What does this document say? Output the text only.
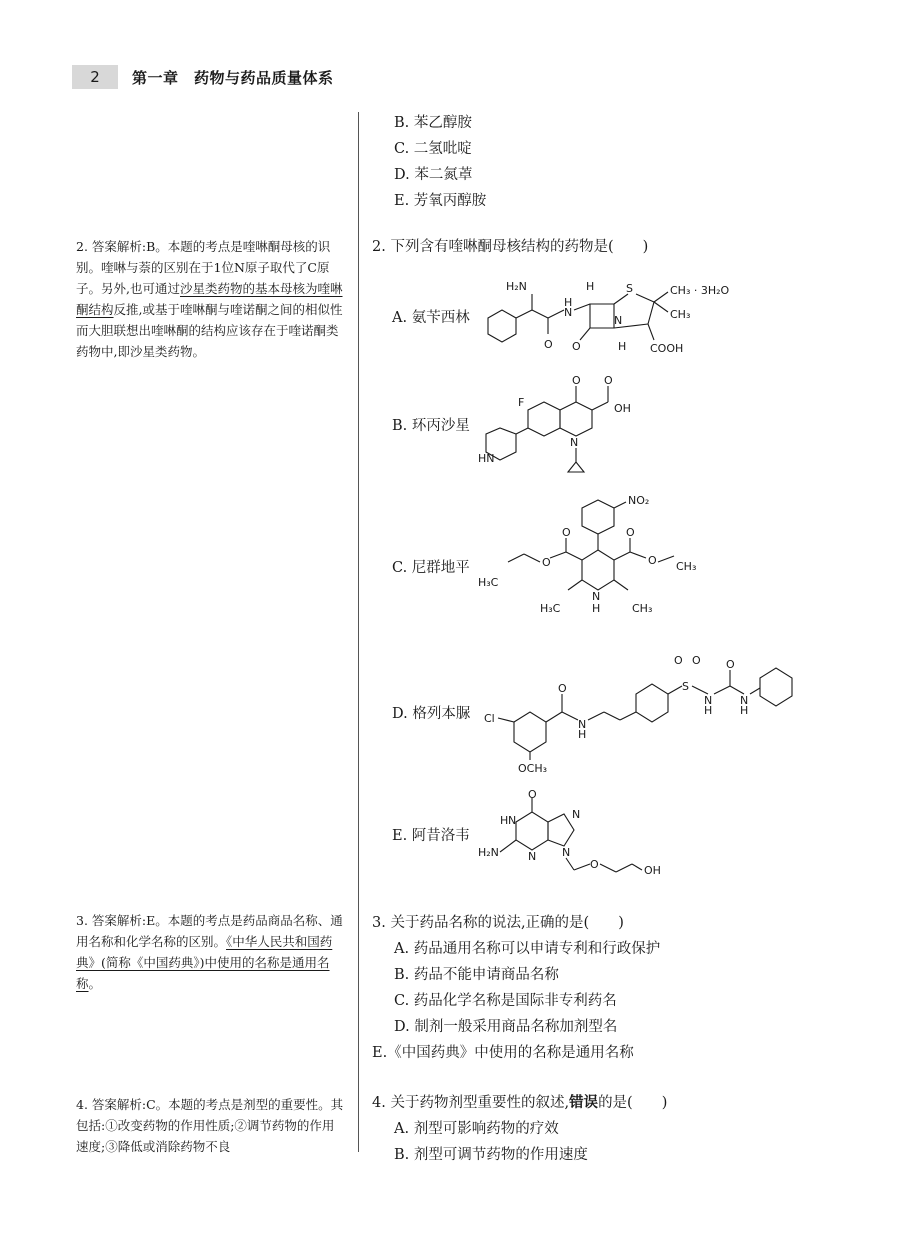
2	第一章　药物与药品质量体系

B. 苯乙醇胺

C. 二氢吡啶

D. 苯二氮䓬

E. 芳氧丙醇胺

2. 答案解析:B。本题的考点是喹啉酮母核的识别。喹啉与萘的区别在于1位N原子取代了C原子。另外,也可通过沙星类药物的基本母核为喹啉酮结构反推,或基于喹啉酮与喹诺酮之间的相似性而大胆联想出喹啉酮的结构应该存在于喹诺酮类药物中,即沙星类药物。

2. 下列含有喹啉酮母核结构的药物是(　　)

A. 氨苄西林
B. 环丙沙星
C. 尼群地平
D. 格列本脲
E. 阿昔洛韦
H₂N
O
H
N
H	S	CH₃ · 3H₂O
CH₃
COOH
O
N
H
F
O O
OH
N
HN
NO₂
N
H
O
O
H₃C
H₃C
O
O CH₃
CH₃
Cl
O
N
H
S
O O
N
H
O
N
H
OCH₃
O
H N
H₂N	N
N
N
O	OH
3. 答案解析:E。本题的考点是药品商品名称、通用名称和化学名称的区别。《中华人民共和国药典》(简称《中国药典》)中使用的名称是通用名称。

3. 关于药品名称的说法,正确的是(　　)

A. 药品通用名称可以申请专利和行政保护

B. 药品不能申请商品名称

C. 药品化学名称是国际非专利药名

D. 制剂一般采用商品名称加剂型名

E.《中国药典》中使用的名称是通用名称

4. 答案解析:C。本题的考点是剂型的重要性。其包括:①改变药物的作用性质;②调节药物的作用速度;③降低或消除药物不良

4. 关于药物剂型重要性的叙述,错误的是(　　)

A. 剂型可影响药物的疗效

B. 剂型可调节药物的作用速度
